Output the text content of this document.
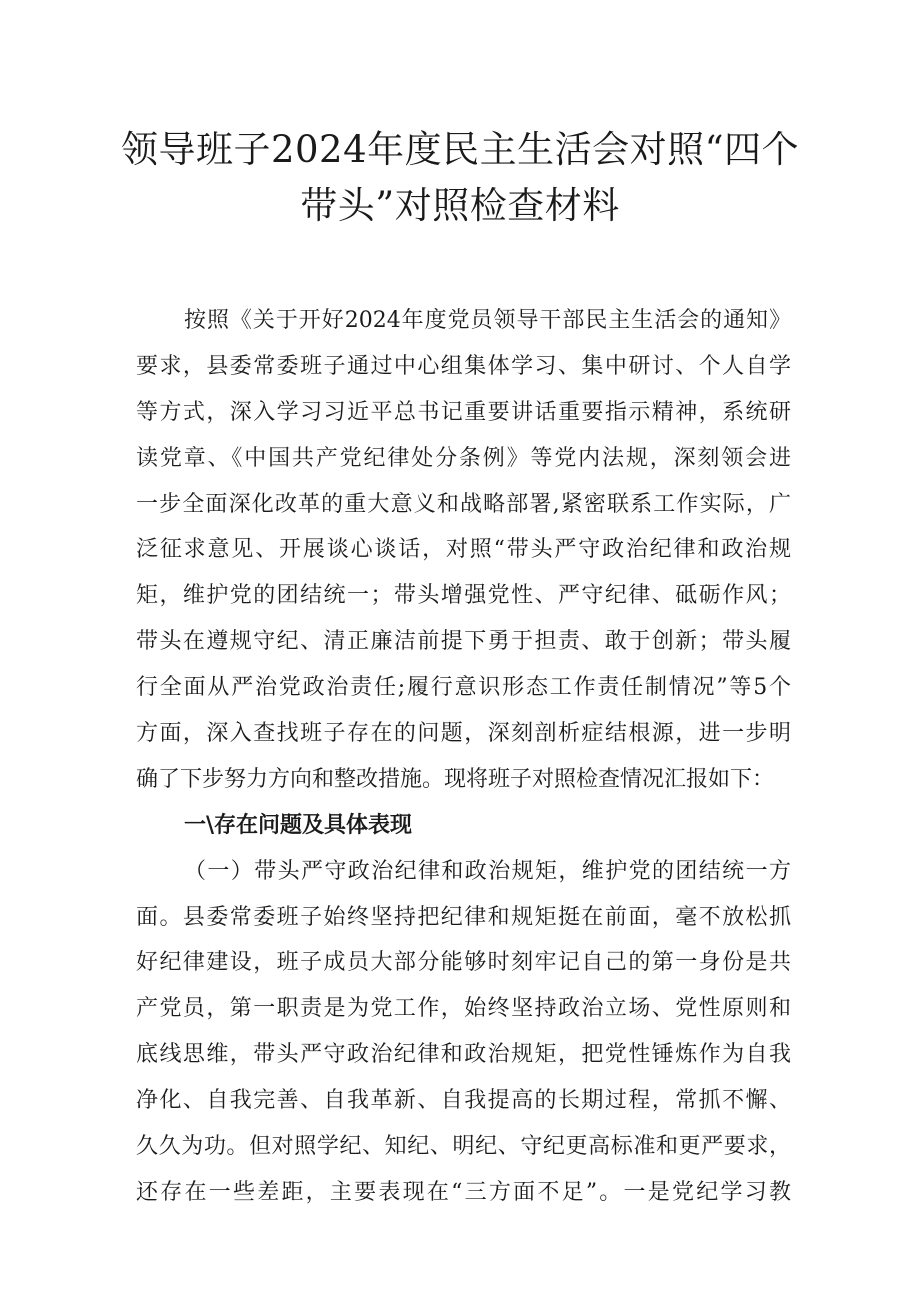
领导班子2024年度民主生活会对照“四个
带头”对照检查材料
按照《关于开好2024年度党员领导干部民主生活会的通知》
要求，县委常委班子通过中心组集体学习、集中研讨、个人自学
等方式，深入学习习近平总书记重要讲话重要指示精神，系统研
读党章、《中国共产党纪律处分条例》等党内法规，深刻领会进
一步全面深化改革的重大意义和战略部署,紧密联系工作实际，广
泛征求意见、开展谈心谈话，对照“带头严守政治纪律和政治规
矩，维护党的团结统一；带头增强党性、严守纪律、砥砺作风；
带头在遵规守纪、清正廉洁前提下勇于担责、敢于创新；带头履
行全面从严治党政治责任;履行意识形态工作责任制情况”等5个
方面，深入查找班子存在的问题，深刻剖析症结根源，进一步明
确了下步努力方向和整改措施。现将班子对照检查情况汇报如下：
一\存在问题及具体表现
（一）带头严守政治纪律和政治规矩，维护党的团结统一方
面。县委常委班子始终坚持把纪律和规矩挺在前面，毫不放松抓
好纪律建设，班子成员大部分能够时刻牢记自己的第一身份是共
产党员，第一职责是为党工作，始终坚持政治立场、党性原则和
底线思维，带头严守政治纪律和政治规矩，把党性锤炼作为自我
净化、自我完善、自我革新、自我提高的长期过程，常抓不懈、
久久为功。但对照学纪、知纪、明纪、守纪更高标准和更严要求，
还存在一些差距，主要表现在“三方面不足”。一是党纪学习教
